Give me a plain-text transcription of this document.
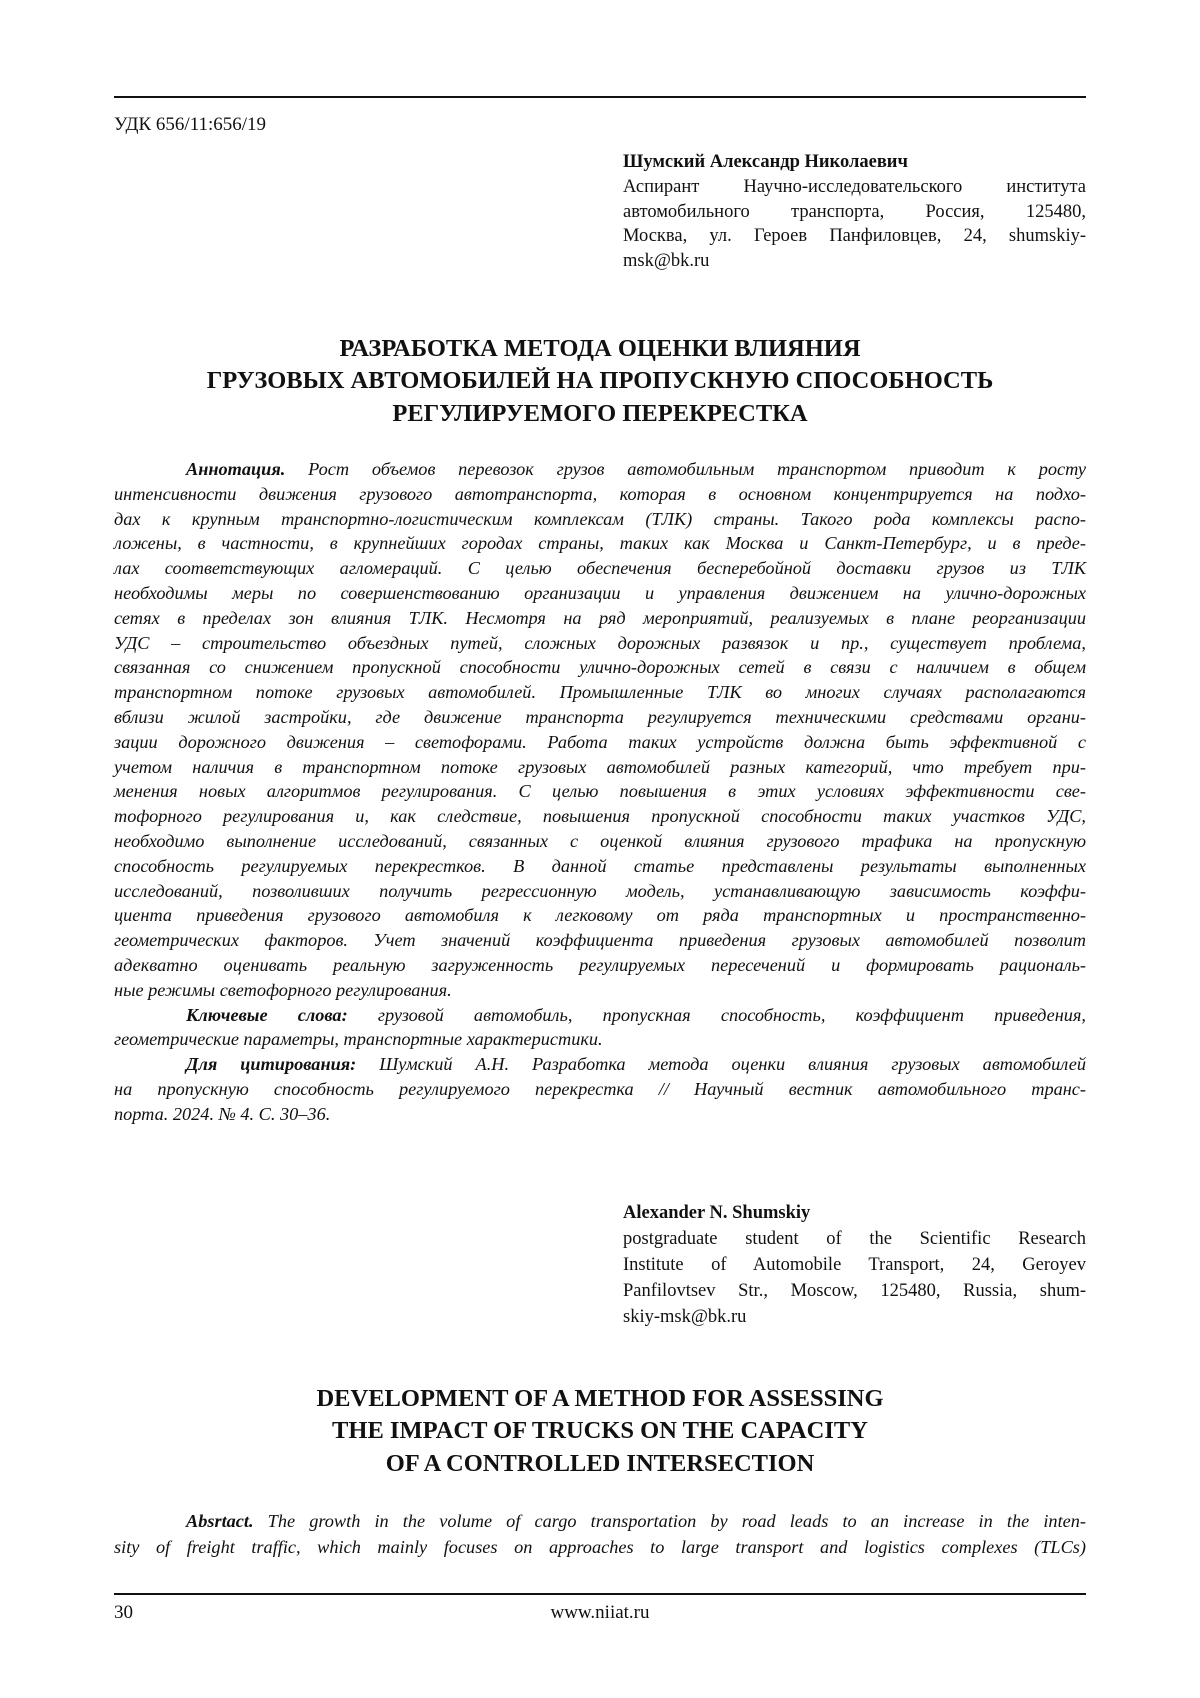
УДК 656/11:656/19
Шумский Александр Николаевич
Аспирант Научно-исследовательского института
автомобильного транспорта, Россия, 125480,
Москва, ул. Героев Панфиловцев, 24, shumskiy-
msk@bk.ru
РАЗРАБОТКА МЕТОДА ОЦЕНКИ ВЛИЯНИЯ
ГРУЗОВЫХ АВТОМОБИЛЕЙ НА ПРОПУСКНУЮ СПОСОБНОСТЬ
РЕГУЛИРУЕМОГО ПЕРЕКРЕСТКА
Аннотация. Рост объемов перевозок грузов автомобильным транспортом приводит к росту
интенсивности движения грузового автотранспорта, которая в основном концентрируется на подхо-
дах к крупным транспортно-логистическим комплексам (ТЛК) страны. Такого рода комплексы распо-
ложены, в частности, в крупнейших городах страны, таких как Москва и Санкт-Петербург, и в преде-
лах соответствующих агломераций. С целью обеспечения бесперебойной доставки грузов из ТЛК
необходимы меры по совершенствованию организации и управления движением на улично-дорожных
сетях в пределах зон влияния ТЛК. Несмотря на ряд мероприятий, реализуемых в плане реорганизации
УДС – строительство объездных путей, сложных дорожных развязок и пр., существует проблема,
связанная со снижением пропускной способности улично-дорожных сетей в связи с наличием в общем
транспортном потоке грузовых автомобилей. Промышленные ТЛК во многих случаях располагаются
вблизи жилой застройки, где движение транспорта регулируется техническими средствами органи-
зации дорожного движения – светофорами. Работа таких устройств должна быть эффективной с
учетом наличия в транспортном потоке грузовых автомобилей разных категорий, что требует при-
менения новых алгоритмов регулирования. С целью повышения в этих условиях эффективности све-
тофорного регулирования и, как следствие, повышения пропускной способности таких участков УДС,
необходимо выполнение исследований, связанных с оценкой влияния грузового трафика на пропускную
способность регулируемых перекрестков. В данной статье представлены результаты выполненных
исследований, позволивших получить регрессионную модель, устанавливающую зависимость коэффи-
циента приведения грузового автомобиля к легковому от ряда транспортных и пространственно-
геометрических факторов. Учет значений коэффициента приведения грузовых автомобилей позволит
адекватно оценивать реальную загруженность регулируемых пересечений и формировать рациональ-
ные режимы светофорного регулирования.
Ключевые слова: грузовой автомобиль, пропускная способность, коэффициент приведения,
геометрические параметры, транспортные характеристики.
Для цитирования: Шумский А.Н. Разработка метода оценки влияния грузовых автомобилей
на пропускную способность регулируемого перекрестка // Научный вестник автомобильного транс-
порта. 2024. № 4. С. 30–36.
Alexander N. Shumskiy
postgraduate student of the Scientific Research
Institute of Automobile Transport, 24, Geroyev
Panfilovtsev Str., Moscow, 125480, Russia, shum-
skiy-msk@bk.ru
DEVELOPMENT OF A METHOD FOR ASSESSING
THE IMPACT OF TRUCKS ON THE CAPACITY
OF A CONTROLLED INTERSECTION
Absrtact. The growth in the volume of cargo transportation by road leads to an increase in the inten-
sity of freight traffic, which mainly focuses on approaches to large transport and logistics complexes (TLCs)
30	www.niiat.ru
